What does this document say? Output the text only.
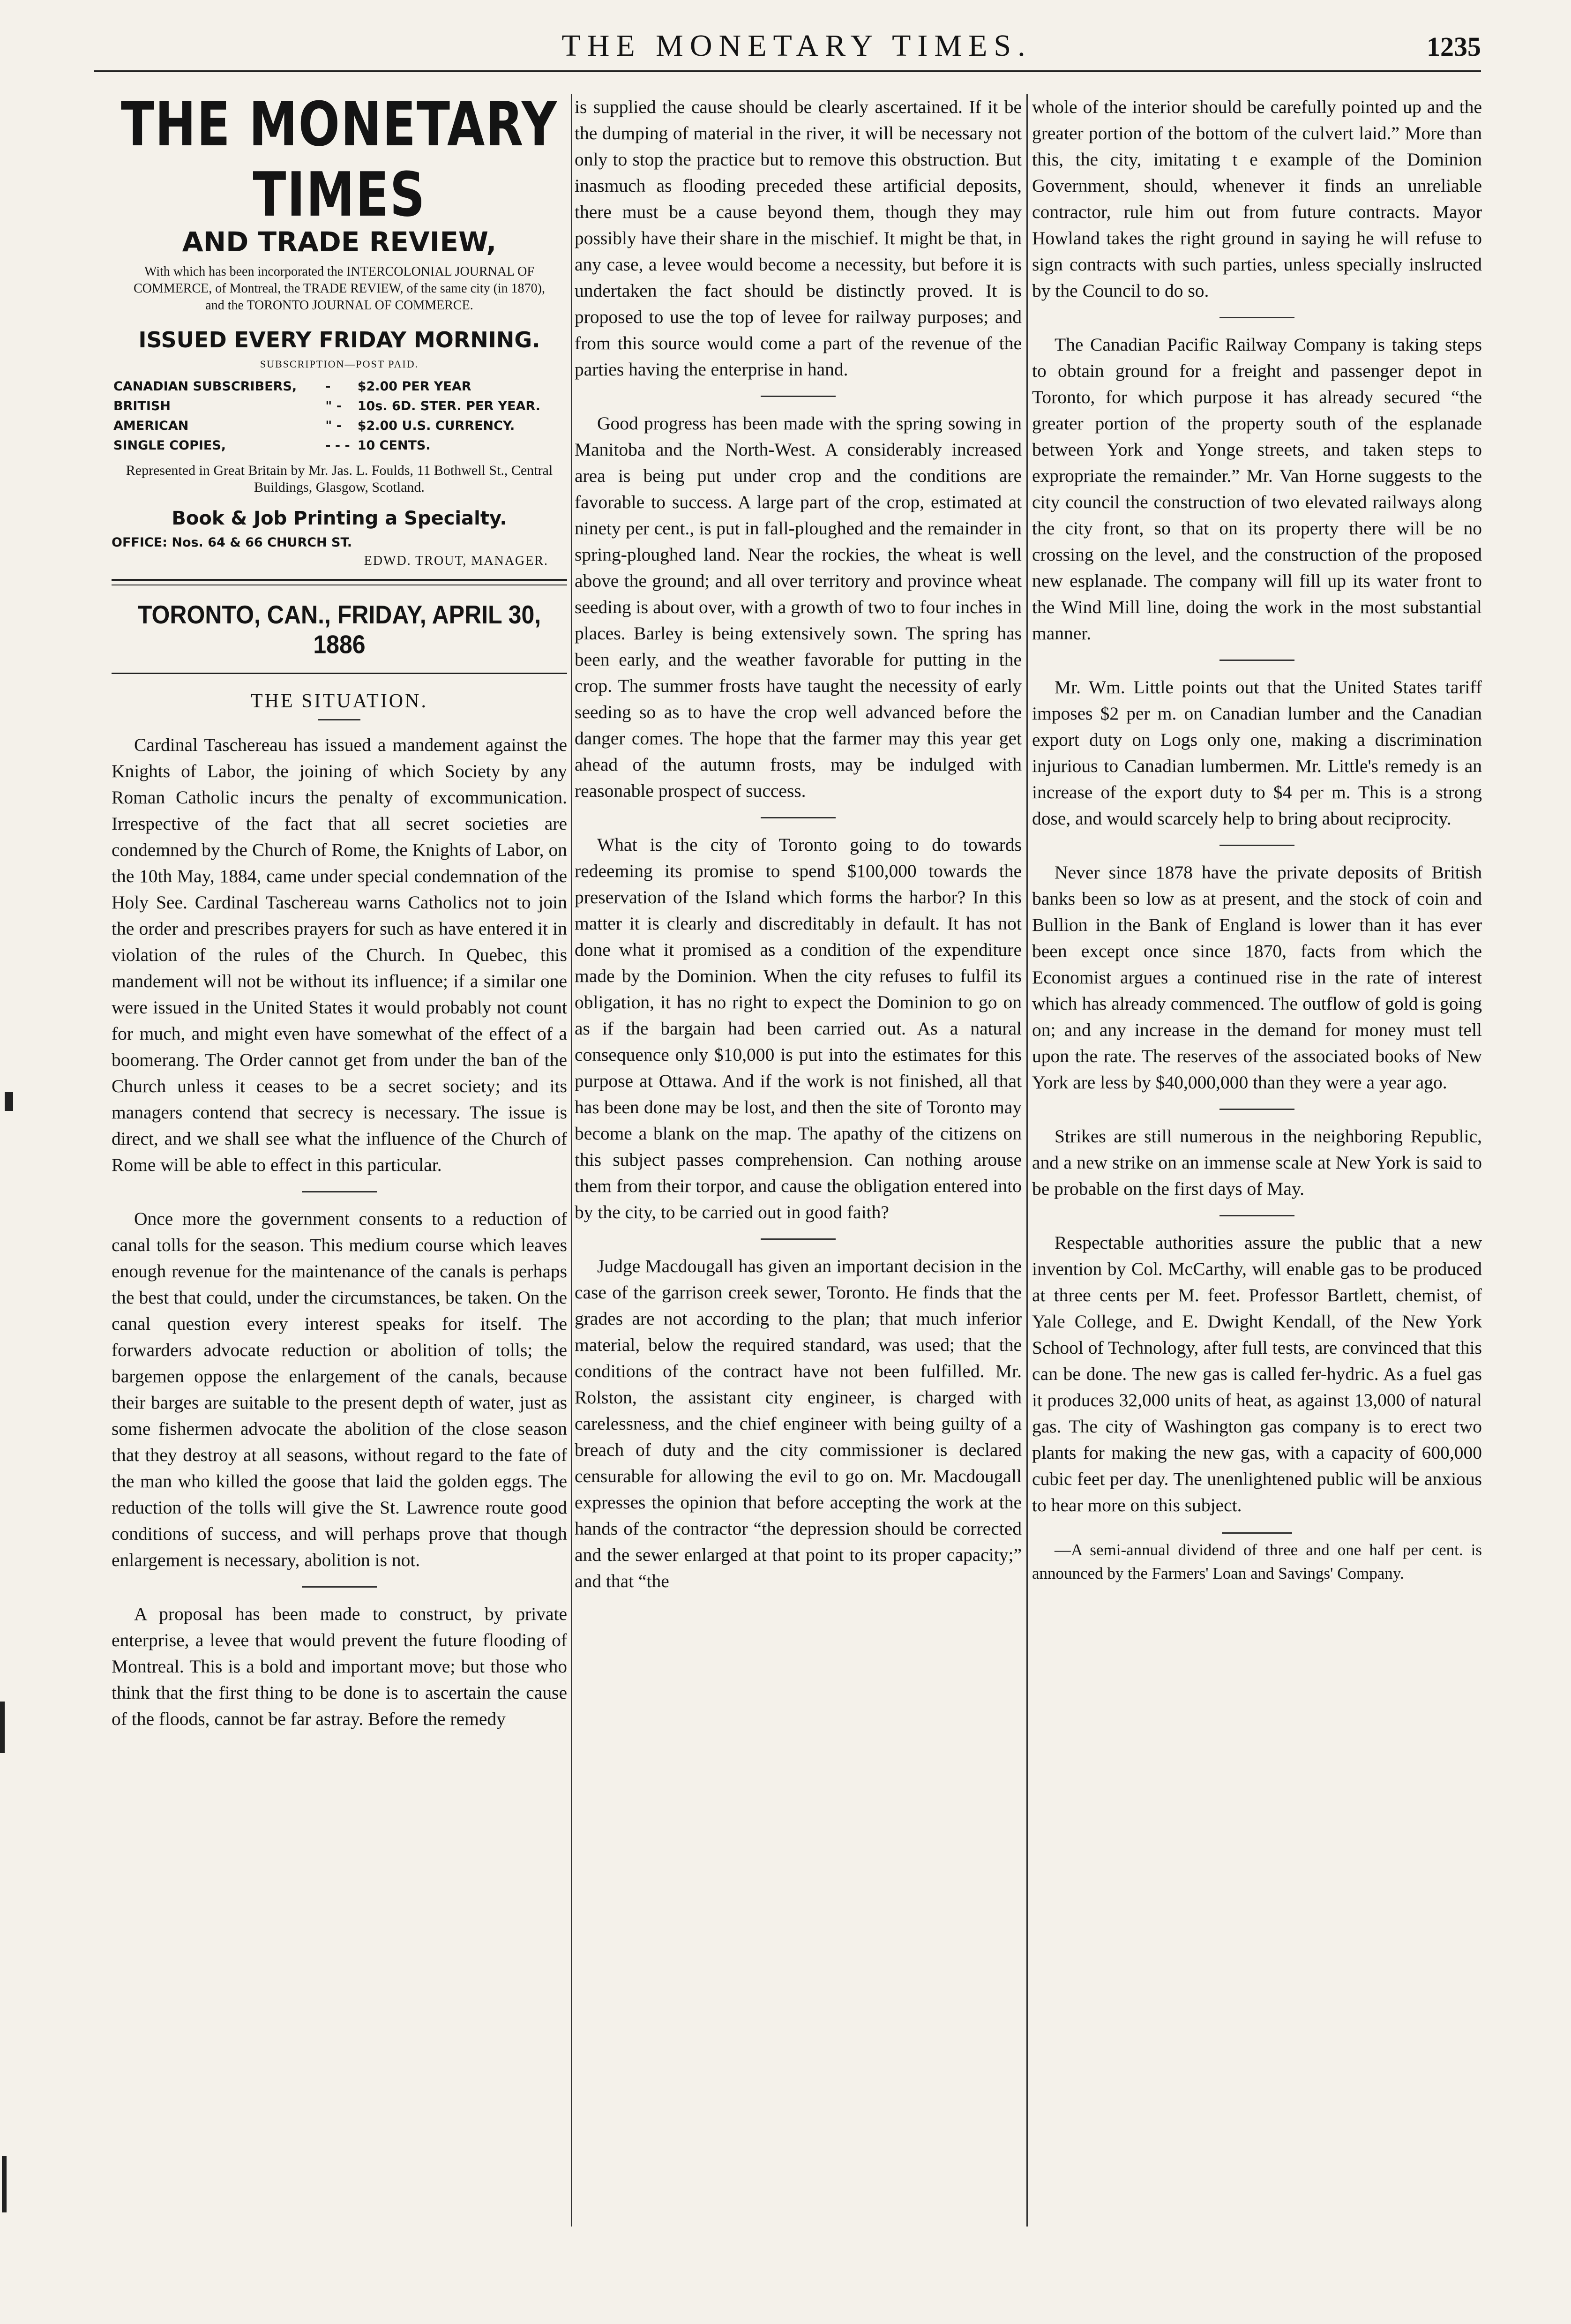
THE MONETARY TIMES.	1235
THE MONETARY TIMES
AND TRADE REVIEW,
With which has been incorporated the INTERCOLONIAL JOURNAL OF COMMERCE, of Montreal, the TRADE REVIEW, of the same city (in 1870), and the TORONTO JOURNAL OF COMMERCE.
ISSUED EVERY FRIDAY MORNING.
SUBSCRIPTION—POST PAID.
CANADIAN SUBSCRIBERS,	-	$2.00 PER YEAR
BRITISH	" -	10s. 6D. STER. PER YEAR.
AMERICAN	" -	$2.00 U.S. CURRENCY.
SINGLE COPIES,	- - -	10 CENTS.
Represented in Great Britain by Mr. Jas. L. Foulds, 11 Bothwell St., Central Buildings, Glasgow, Scotland.
Book & Job Printing a Specialty.
OFFICE: Nos. 64 & 66 CHURCH ST.
EDWD. TROUT, MANAGER.
TORONTO, CAN., FRIDAY, APRIL 30, 1886
THE SITUATION.

Cardinal Taschereau has issued a mandement against the Knights of Labor, the joining of which Society by any Roman Catholic incurs the penalty of excommunication. Irrespective of the fact that all secret societies are condemned by the Church of Rome, the Knights of Labor, on the 10th May, 1884, came under special condemnation of the Holy See. Cardinal Taschereau warns Catholics not to join the order and prescribes prayers for such as have entered it in violation of the rules of the Church. In Quebec, this mandement will not be without its influence; if a similar one were issued in the United States it would probably not count for much, and might even have somewhat of the effect of a boomerang. The Order cannot get from under the ban of the Church unless it ceases to be a secret society; and its managers contend that secrecy is necessary. The issue is direct, and we shall see what the influence of the Church of Rome will be able to effect in this particular.

Once more the government consents to a reduction of canal tolls for the season. This medium course which leaves enough revenue for the maintenance of the canals is perhaps the best that could, under the circumstances, be taken. On the canal question every interest speaks for itself. The forwarders advocate reduction or abolition of tolls; the bargemen oppose the enlargement of the canals, because their barges are suitable to the present depth of water, just as some fishermen advocate the abolition of the close season that they destroy at all seasons, without regard to the fate of the man who killed the goose that laid the golden eggs. The reduction of the tolls will give the St. Lawrence route good conditions of success, and will perhaps prove that though enlargement is necessary, abolition is not.

A proposal has been made to construct, by private enterprise, a levee that would prevent the future flooding of Montreal. This is a bold and important move; but those who think that the first thing to be done is to ascertain the cause of the floods, cannot be far astray. Before the remedy

is supplied the cause should be clearly ascertained. If it be the dumping of material in the river, it will be necessary not only to stop the practice but to remove this obstruction. But inasmuch as flooding preceded these artificial deposits, there must be a cause beyond them, though they may possibly have their share in the mischief. It might be that, in any case, a levee would become a necessity, but before it is undertaken the fact should be distinctly proved. It is proposed to use the top of levee for railway purposes; and from this source would come a part of the revenue of the parties having the enterprise in hand.

Good progress has been made with the spring sowing in Manitoba and the North-West. A considerably increased area is being put under crop and the conditions are favorable to success. A large part of the crop, estimated at ninety per cent., is put in fall-ploughed and the remainder in spring-ploughed land. Near the rockies, the wheat is well above the ground; and all over territory and province wheat seeding is about over, with a growth of two to four inches in places. Barley is being extensively sown. The spring has been early, and the weather favorable for putting in the crop. The summer frosts have taught the necessity of early seeding so as to have the crop well advanced before the danger comes. The hope that the farmer may this year get ahead of the autumn frosts, may be indulged with reasonable prospect of success.

What is the city of Toronto going to do towards redeeming its promise to spend $100,000 towards the preservation of the Island which forms the harbor? In this matter it is clearly and discreditably in default. It has not done what it promised as a condition of the expenditure made by the Dominion. When the city refuses to fulfil its obligation, it has no right to expect the Dominion to go on as if the bargain had been carried out. As a natural consequence only $10,000 is put into the estimates for this purpose at Ottawa. And if the work is not finished, all that has been done may be lost, and then the site of Toronto may become a blank on the map. The apathy of the citizens on this subject passes comprehension. Can nothing arouse them from their torpor, and cause the obligation entered into by the city, to be carried out in good faith?

Judge Macdougall has given an important decision in the case of the garrison creek sewer, Toronto. He finds that the grades are not according to the plan; that much inferior material, below the required standard, was used; that the conditions of the contract have not been fulfilled. Mr. Rolston, the assistant city engineer, is charged with carelessness, and the chief engineer with being guilty of a breach of duty and the city commissioner is declared censurable for allowing the evil to go on. Mr. Macdougall expresses the opinion that before accepting the work at the hands of the contractor “the depression should be corrected and the sewer enlarged at that point to its proper capacity;” and that “the

whole of the interior should be carefully pointed up and the greater portion of the bottom of the culvert laid.” More than this, the city, imitating t e example of the Dominion Government, should, whenever it finds an unreliable contractor, rule him out from future contracts. Mayor Howland takes the right ground in saying he will refuse to sign contracts with such parties, unless specially inslructed by the Council to do so.

The Canadian Pacific Railway Company is taking steps to obtain ground for a freight and passenger depot in Toronto, for which purpose it has already secured “the greater portion of the property south of the esplanade between York and Yonge streets, and taken steps to expropriate the remainder.” Mr. Van Horne suggests to the city council the construction of two elevated railways along the city front, so that on its property there will be no crossing on the level, and the construction of the proposed new esplanade. The company will fill up its water front to the Wind Mill line, doing the work in the most substantial manner.

Mr. Wm. Little points out that the United States tariff imposes $2 per m. on Canadian lumber and the Canadian export duty on Logs only one, making a discrimination injurious to Canadian lumbermen. Mr. Little's remedy is an increase of the export duty to $4 per m. This is a strong dose, and would scarcely help to bring about reciprocity.

Never since 1878 have the private deposits of British banks been so low as at present, and the stock of coin and Bullion in the Bank of England is lower than it has ever been except once since 1870, facts from which the Economist argues a continued rise in the rate of interest which has already commenced. The outflow of gold is going on; and any increase in the demand for money must tell upon the rate. The reserves of the associated books of New York are less by $40,000,000 than they were a year ago.

Strikes are still numerous in the neighboring Republic, and a new strike on an immense scale at New York is said to be probable on the first days of May.

Respectable authorities assure the public that a new invention by Col. McCarthy, will enable gas to be produced at three cents per M. feet. Professor Bartlett, chemist, of Yale College, and E. Dwight Kendall, of the New York School of Technology, after full tests, are convinced that this can be done. The new gas is called fer-hydric. As a fuel gas it produces 32,000 units of heat, as against 13,000 of natural gas. The city of Washington gas company is to erect two plants for making the new gas, with a capacity of 600,000 cubic feet per day. The unenlightened public will be anxious to hear more on this subject.

—A semi-annual dividend of three and one half per cent. is announced by the Farmers' Loan and Savings' Company.
